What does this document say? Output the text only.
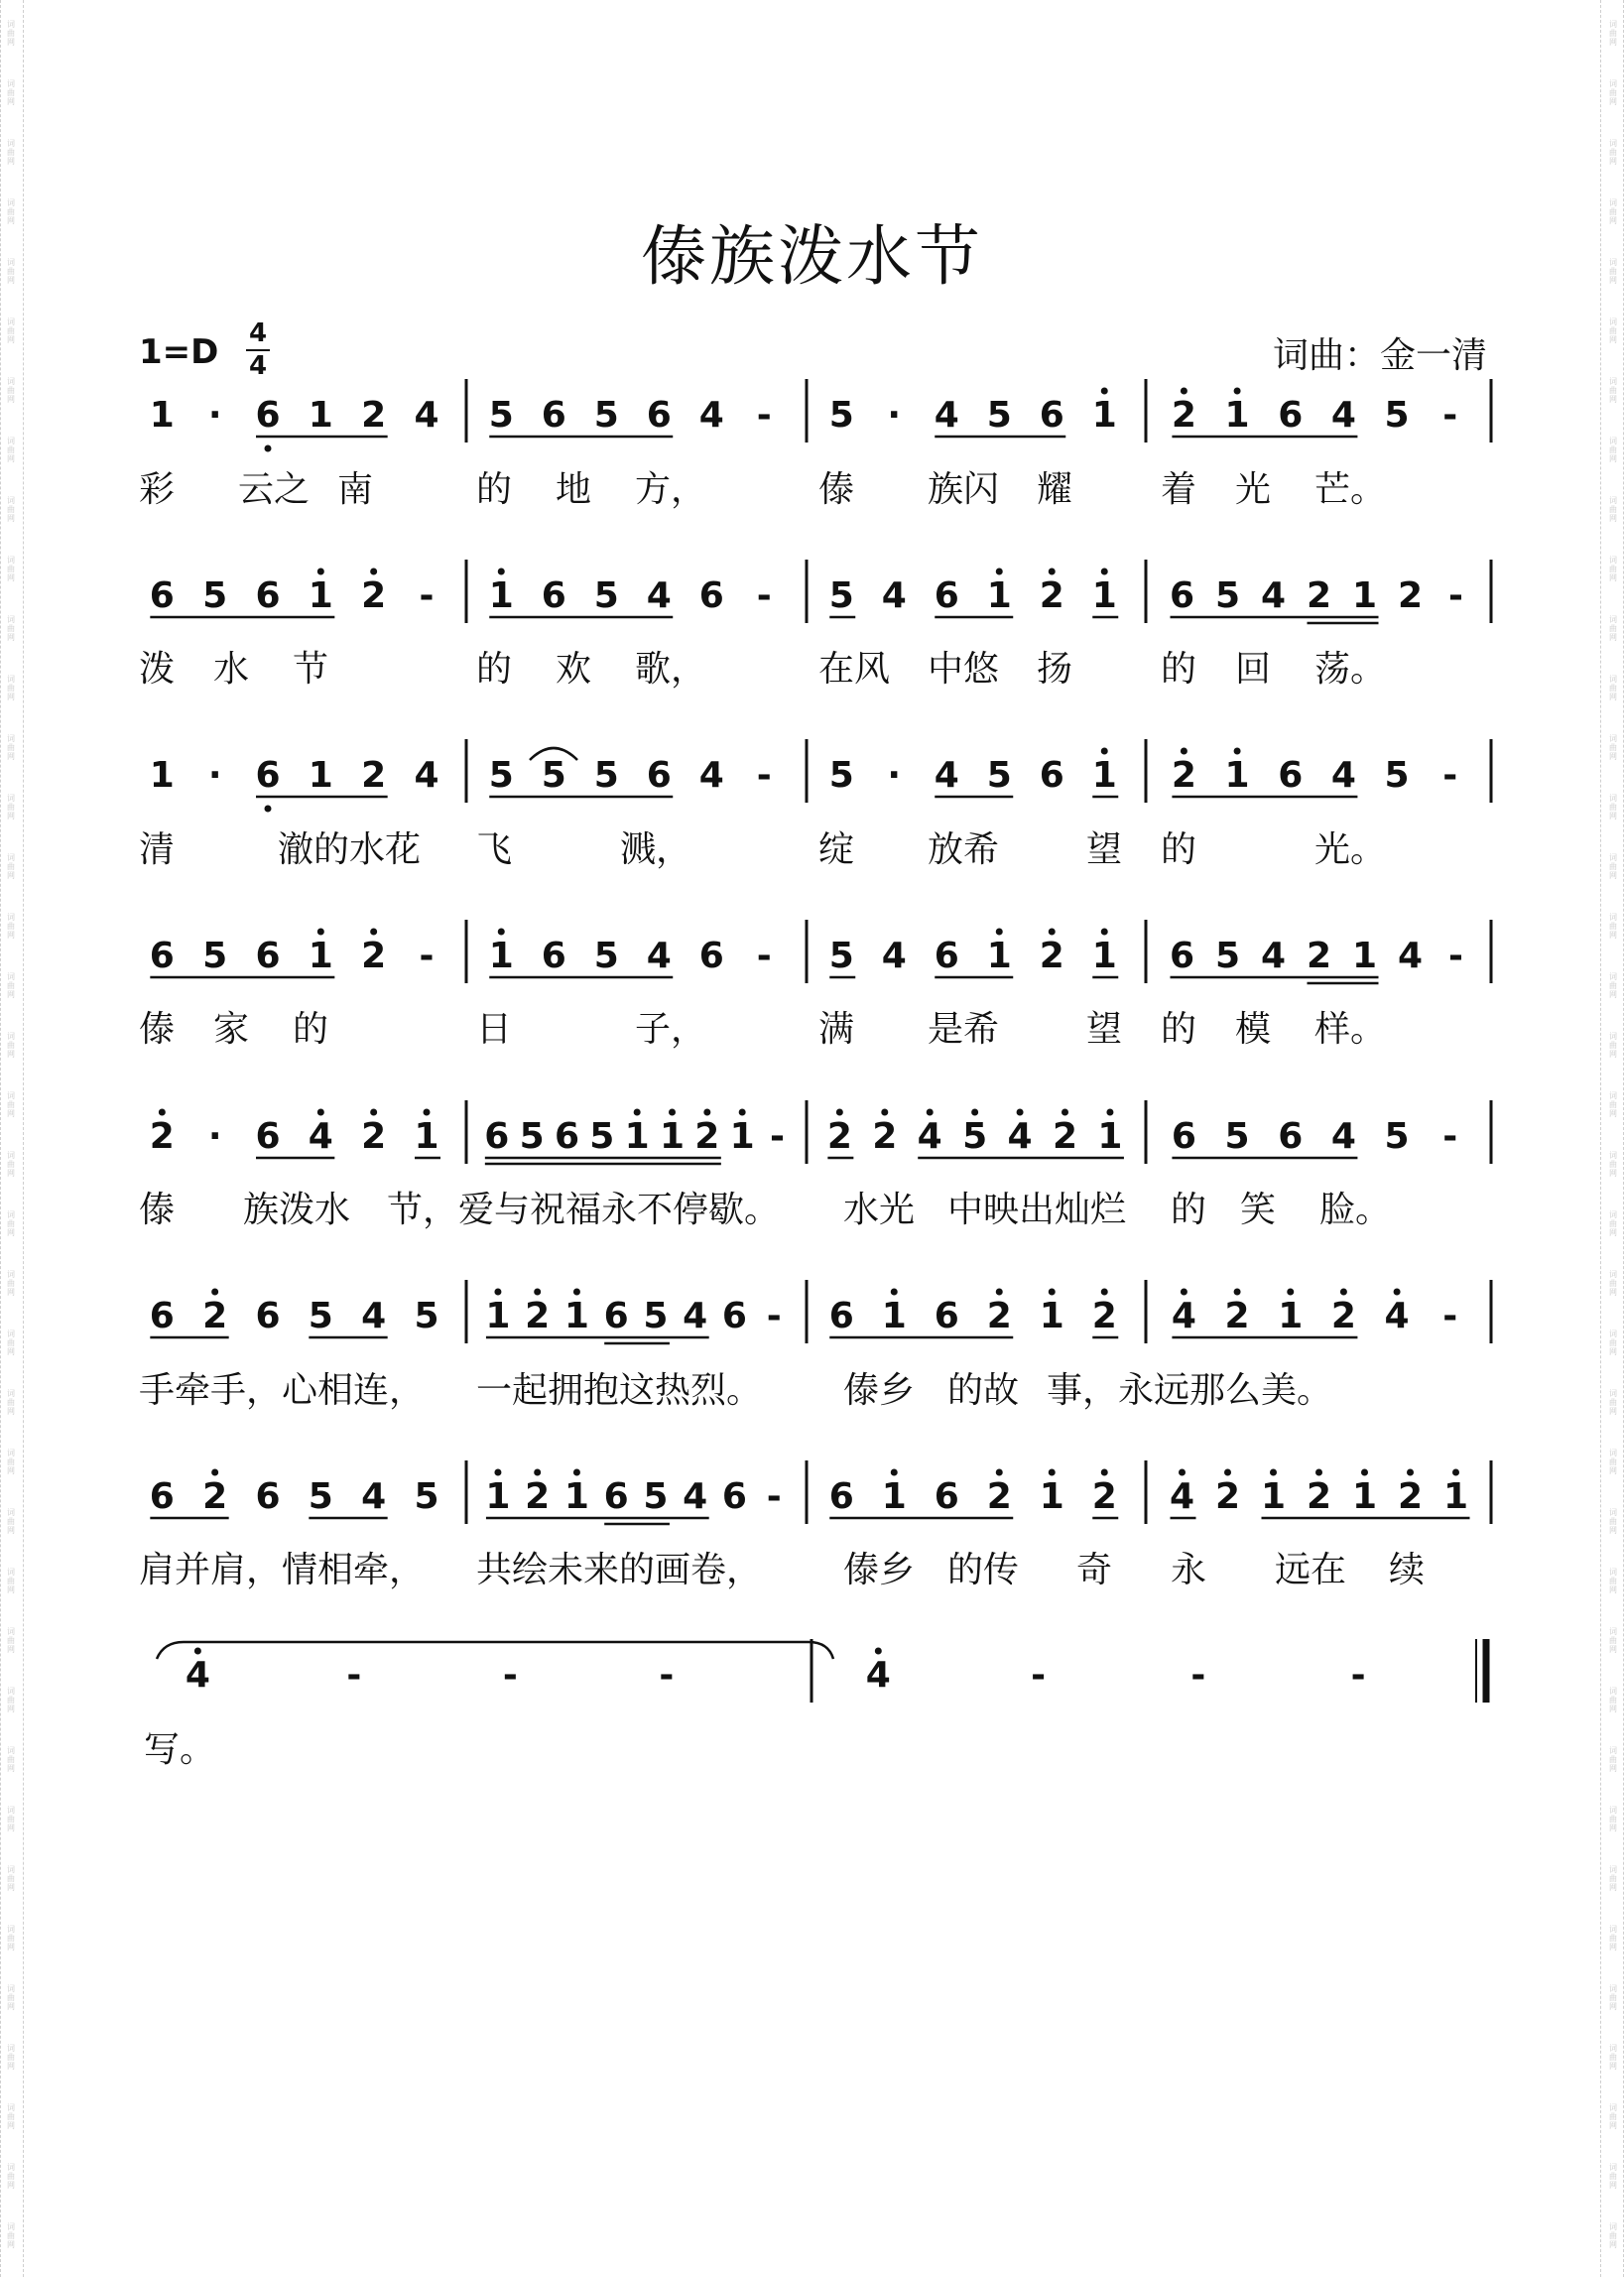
傣族泼水节
1=D 4
4	词曲：金一清
1 · 6 1 2 4 5 6 5 6 4 - 5 · 4 5 6 1 2 1 6 4 5 -
彩 云之 南	的 地 方，	傣 族闪 耀 着 光 芒。
6 5 6 1 2 - 1 6 5 4 6 - 5 4 6 1 2 1 6 5 4 2 1 2 -
泼 水 节	的 欢 歌，	在风 中悠 扬 的 回 荡。
1 · 6 1 2 4 5 5 5 6 4 - 5 · 4 5 6 1 2 1 6 4 5 -
清	澈的水花 飞	溅，	绽 放希 望 的	光。
6 5 6 1 2 - 1 6 5 4 6 - 5 4 6 1 2 1 6 5 4 2 1 4 -
傣 家 的	日	子，	满 是希 望 的 模 样。
2 · 6 4 2 1 6 5 6 5 1 1 2 1 - 2 2 4 5 4 2 1 6 5 6 4 5 -
傣 族泼水 节，爱与祝福永不停歇。 水光 中映出灿烂 的 笑 脸。
6 2 6 5 4 5 1 2 1 6 5 4 6 - 6 1 6 2 1 2 4 2 1 2 4 -
手牵手，心相连， 一起拥抱这热烈。 傣乡 的故 事，永远那么美。
6 2 6 5 4 5 1 2 1 6 5 4 6 - 6 1 6 2 1 2 4 2 1 2 1 2 1
肩并肩，情相牵， 共绘未来的画卷， 傣乡 的传 奇 永 远在 续
4	-	-	-	4	-	-	-
写。
词
曲
网
词
曲
网
词
曲
网
词
曲
网
词
曲
网
词
曲
网
词
曲
网
词
曲
网
词
曲
网
词
曲
网
词
曲
网
词
曲
网
词
曲
网
词
曲
网
词
曲
网
词
曲
网
词
曲
网
词
曲
网
词
曲
网
词
曲
网
词
曲
网
词
曲
网
词
曲
网
词
曲
网
词
曲
网
词
曲
网
词
曲
网
词
曲
网
词
曲
网
词
曲
网
词
曲
网
词
曲
网
词
曲
网
词
曲
网
词
曲
网
词
曲
网
词
曲
网
词
曲
网
词
曲
网
词
曲
网
词
曲
网
词
曲
网
词
曲
网
词
曲
网
词
曲
网
词
曲
网
词
曲
网
词
曲
网
词
曲
网
词
曲
网
词
曲
网
词
曲
网
词
曲
网
词
曲
网
词
曲
网
词
曲
网
词
曲
网
词
曲
网
词
曲
网
词
曲
网
词
曲
网
词
曲
网
词
曲
网
词
曲
网
词
曲
网
词
曲
网
词
曲
网
词
曲
网
词
曲
网
词
曲
网
词
曲
网
词
曲
网
词
曲
网
词
曲
网
词
曲
网
词
曲
网
